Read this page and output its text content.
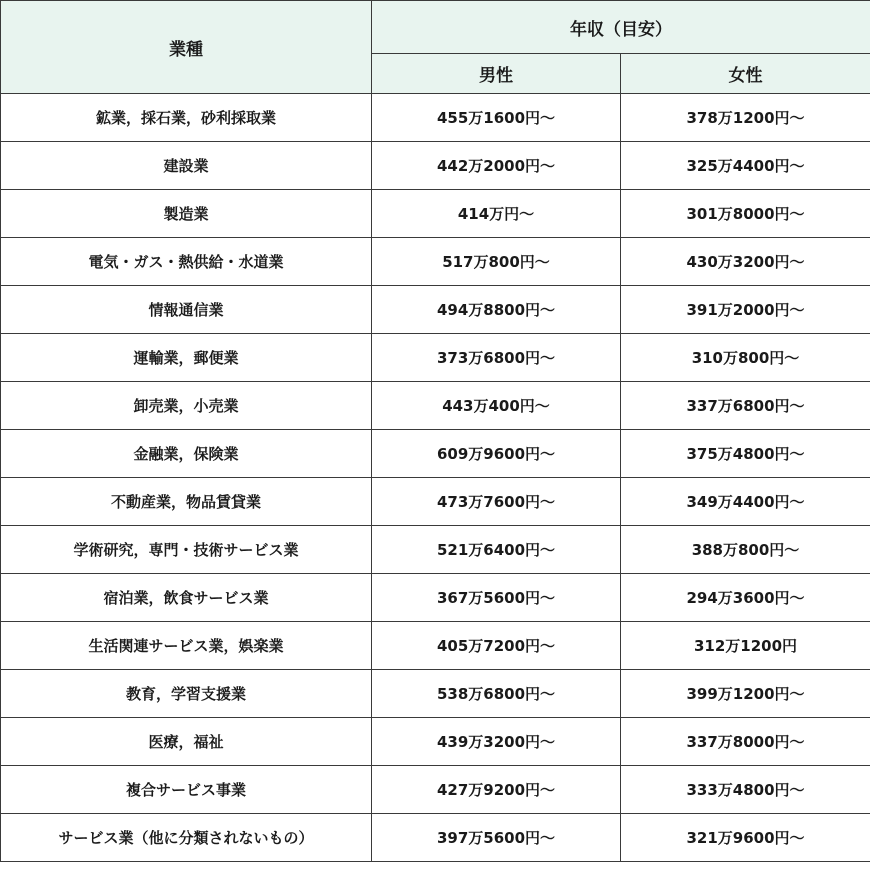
業種	年収（目安）	
	男性	女性
鉱業，採石業，砂利採取業	455万1600円〜	378万1200円〜
建設業	442万2000円〜	325万4400円〜
製造業	414万円〜	301万8000円〜
電気・ガス・熱供給・水道業	517万800円〜	430万3200円〜
情報通信業	494万8800円〜	391万2000円〜
運輸業，郵便業	373万6800円〜	310万800円〜
卸売業，小売業	443万400円〜	337万6800円〜
金融業，保険業	609万9600円〜	375万4800円〜
不動産業，物品賃貸業	473万7600円〜	349万4400円〜
学術研究，専門・技術サービス業	521万6400円〜	388万800円〜
宿泊業，飲食サービス業	367万5600円〜	294万3600円〜
生活関連サービス業，娯楽業	405万7200円〜	312万1200円
教育，学習支援業	538万6800円〜	399万1200円〜
医療，福祉	439万3200円〜	337万8000円〜
複合サービス事業	427万9200円〜	333万4800円〜
サービス業（他に分類されないもの）	397万5600円〜	321万9600円〜
